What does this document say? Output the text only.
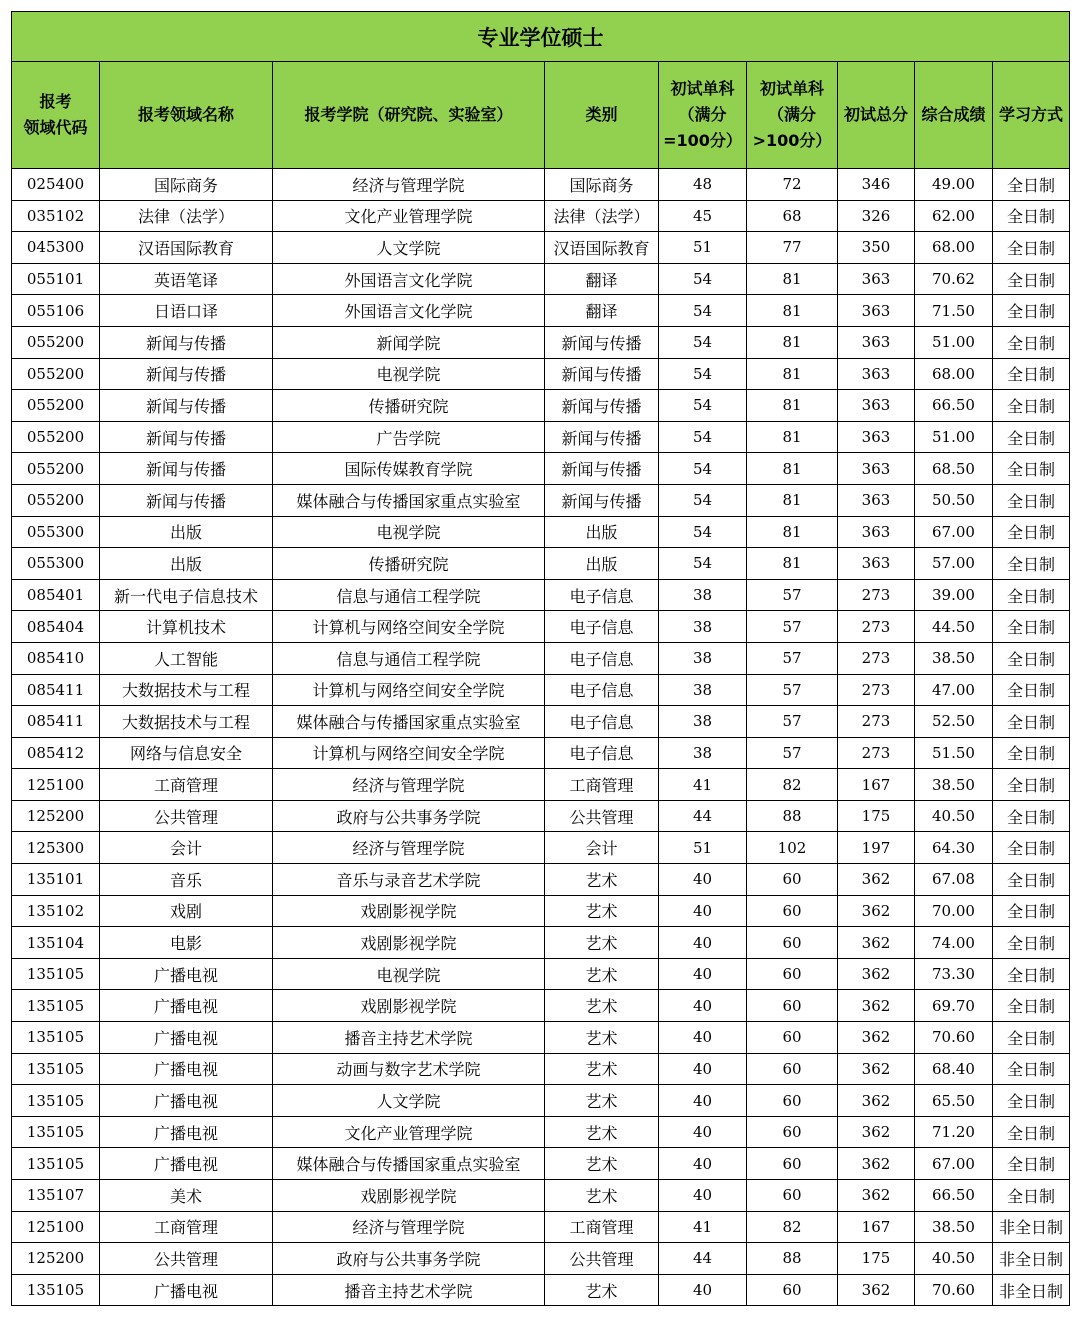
专业学位硕士								
报考
领域代码	报考领域名称	报考学院（研究院、实验室）	类别	初试单科
（满分
=100分）	初试单科
（满分
>100分）	初试总分	综合成绩	学习方式
025400	国际商务	经济与管理学院	国际商务	48	72	346	49.00	全日制
035102	法律（法学）	文化产业管理学院	法律（法学）	45	68	326	62.00	全日制
045300	汉语国际教育	人文学院	汉语国际教育	51	77	350	68.00	全日制
055101	英语笔译	外国语言文化学院	翻译	54	81	363	70.62	全日制
055106	日语口译	外国语言文化学院	翻译	54	81	363	71.50	全日制
055200	新闻与传播	新闻学院	新闻与传播	54	81	363	51.00	全日制
055200	新闻与传播	电视学院	新闻与传播	54	81	363	68.00	全日制
055200	新闻与传播	传播研究院	新闻与传播	54	81	363	66.50	全日制
055200	新闻与传播	广告学院	新闻与传播	54	81	363	51.00	全日制
055200	新闻与传播	国际传媒教育学院	新闻与传播	54	81	363	68.50	全日制
055200	新闻与传播	媒体融合与传播国家重点实验室	新闻与传播	54	81	363	50.50	全日制
055300	出版	电视学院	出版	54	81	363	67.00	全日制
055300	出版	传播研究院	出版	54	81	363	57.00	全日制
085401	新一代电子信息技术	信息与通信工程学院	电子信息	38	57	273	39.00	全日制
085404	计算机技术	计算机与网络空间安全学院	电子信息	38	57	273	44.50	全日制
085410	人工智能	信息与通信工程学院	电子信息	38	57	273	38.50	全日制
085411	大数据技术与工程	计算机与网络空间安全学院	电子信息	38	57	273	47.00	全日制
085411	大数据技术与工程	媒体融合与传播国家重点实验室	电子信息	38	57	273	52.50	全日制
085412	网络与信息安全	计算机与网络空间安全学院	电子信息	38	57	273	51.50	全日制
125100	工商管理	经济与管理学院	工商管理	41	82	167	38.50	全日制
125200	公共管理	政府与公共事务学院	公共管理	44	88	175	40.50	全日制
125300	会计	经济与管理学院	会计	51	102	197	64.30	全日制
135101	音乐	音乐与录音艺术学院	艺术	40	60	362	67.08	全日制
135102	戏剧	戏剧影视学院	艺术	40	60	362	70.00	全日制
135104	电影	戏剧影视学院	艺术	40	60	362	74.00	全日制
135105	广播电视	电视学院	艺术	40	60	362	73.30	全日制
135105	广播电视	戏剧影视学院	艺术	40	60	362	69.70	全日制
135105	广播电视	播音主持艺术学院	艺术	40	60	362	70.60	全日制
135105	广播电视	动画与数字艺术学院	艺术	40	60	362	68.40	全日制
135105	广播电视	人文学院	艺术	40	60	362	65.50	全日制
135105	广播电视	文化产业管理学院	艺术	40	60	362	71.20	全日制
135105	广播电视	媒体融合与传播国家重点实验室	艺术	40	60	362	67.00	全日制
135107	美术	戏剧影视学院	艺术	40	60	362	66.50	全日制
125100	工商管理	经济与管理学院	工商管理	41	82	167	38.50	非全日制
125200	公共管理	政府与公共事务学院	公共管理	44	88	175	40.50	非全日制
135105	广播电视	播音主持艺术学院	艺术	40	60	362	70.60	非全日制
